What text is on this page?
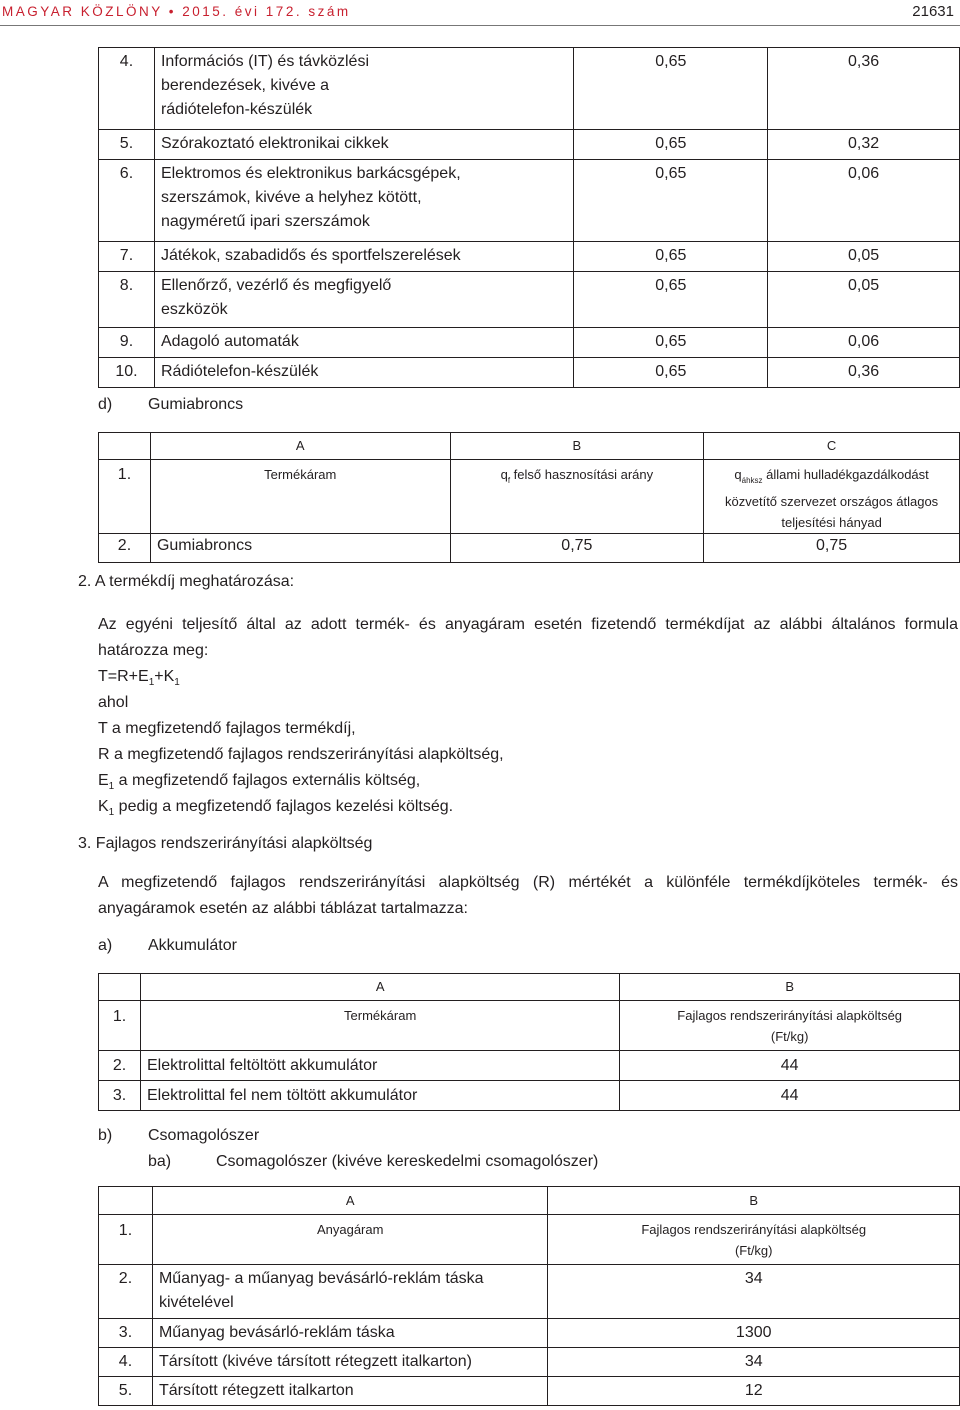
MAGYAR KÖZLÖNY • 2015. évi 172. szám	21631
4.	Információs (IT) és távközlési
berendezések, kivéve a
rádiótelefon-készülék	0,65	0,36
5.	Szórakoztató elektronikai cikkek	0,65	0,32
6.	Elektromos és elektronikus barkácsgépek,
szerszámok, kivéve a helyhez kötött,
nagyméretű ipari szerszámok	0,65	0,06
7.	Játékok, szabadidős és sportfelszerelések	0,65	0,05
8.	Ellenőrző, vezérlő és megfigyelő
eszközök	0,65	0,05
9.	Adagoló automaták	0,65	0,06
10.	Rádiótelefon-készülék	0,65	0,36
d) Gumiabroncs
	A	B	C
1.	Termékáram	$q_f$ felső hasznosítási arány	$q_{áhksz}$ állami hulladékgazdálkodást
közvetítő szervezet országos átlagos
teljesítési hányad
2.	Gumiabroncs	0,75	0,75
2. A termékdíj meghatározása:
Az egyéni teljesítő által az adott termék- és anyagáram esetén fizetendő termékdíjat az alábbi általános formula
határozza meg:
$T=R+E_1+K_1$
ahol
T a megfizetendő fajlagos termékdíj,
R a megfizetendő fajlagos rendszerirányítási alapköltség,
$E_1$ a megfizetendő fajlagos externális költség,
$K_1$ pedig a megfizetendő fajlagos kezelési költség.
3. Fajlagos rendszerirányítási alapköltség
A megfizetendő fajlagos rendszerirányítási alapköltség (R) mértékét a különféle termékdíjköteles termék- és
anyagáramok esetén az alábbi táblázat tartalmazza:
a) Akkumulátor
	A	B
1.	Termékáram	Fajlagos rendszerirányítási alapköltség
(Ft/kg)
2.	Elektrolittal feltöltött akkumulátor	44
3.	Elektrolittal fel nem töltött akkumulátor	44
b) Csomagolószer
ba)	Csomagolószer (kivéve kereskedelmi csomagolószer)
	A	B
1.	Anyagáram	Fajlagos rendszerirányítási alapköltség
(Ft/kg)
2.	Műanyag- a műanyag bevásárló-reklám táska
kivételével	34
3.	Műanyag bevásárló-reklám táska	1300
4.	Társított (kivéve társított rétegzett italkarton)	34
5.	Társított rétegzett italkarton	12
